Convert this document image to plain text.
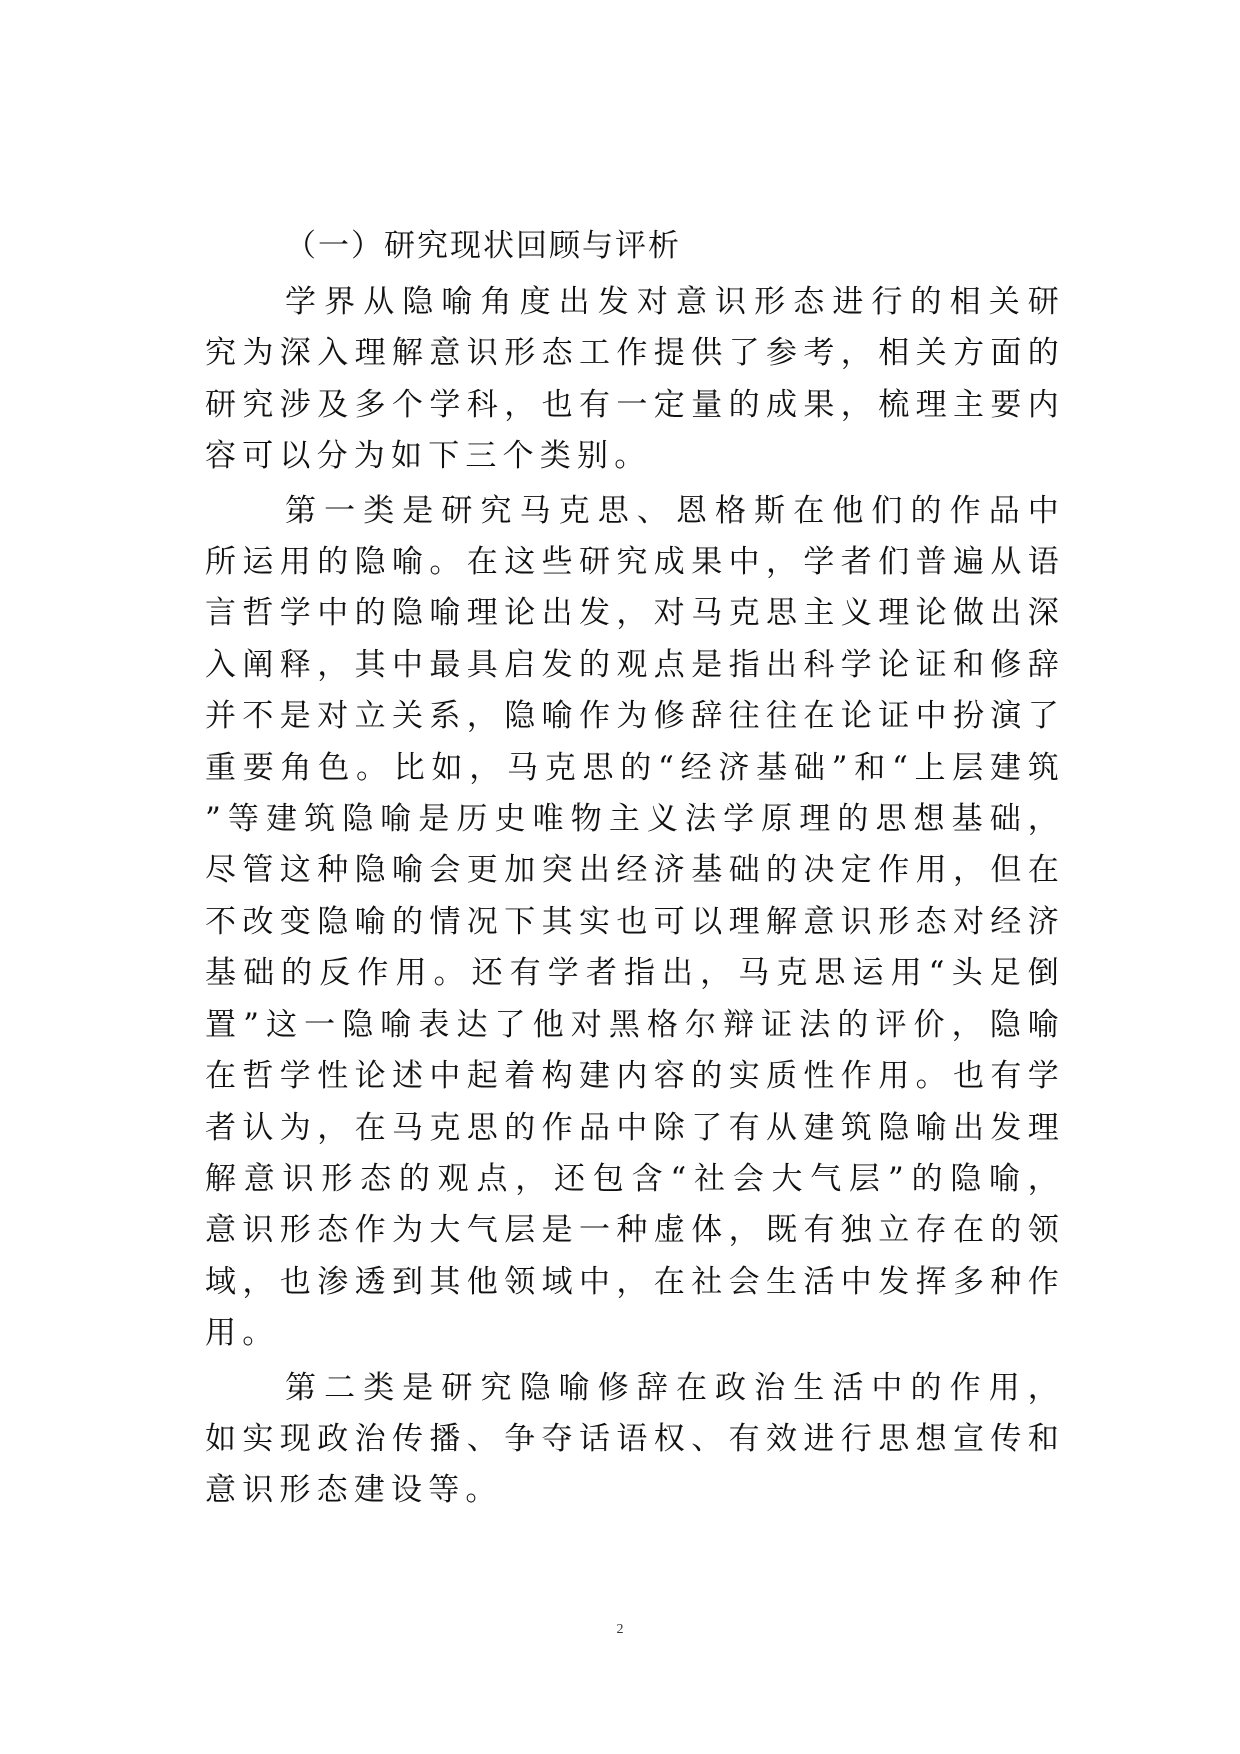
（一）研究现状回顾与评析

学界从隐喻角度出发对意识形态进行的相关研究为深入理解意识形态工作提供了参考，相关方面的研究涉及多个学科，也有一定量的成果，梳理主要内容可以分为如下三个类别。

第一类是研究马克思、恩格斯在他们的作品中所运用的隐喻。在这些研究成果中，学者们普遍从语言哲学中的隐喻理论出发，对马克思主义理论做出深入阐释，其中最具启发的观点是指出科学论证和修辞并不是对立关系，隐喻作为修辞往往在论证中扮演了重要角色。比如，马克思的“经济基础”和“上层建筑”等建筑隐喻是历史唯物主义法学原理的思想基础，尽管这种隐喻会更加突出经济基础的决定作用，但在不改变隐喻的情况下其实也可以理解意识形态对经济基础的反作用。还有学者指出，马克思运用“头足倒置”这一隐喻表达了他对黑格尔辩证法的评价，隐喻在哲学性论述中起着构建内容的实质性作用。也有学者认为，在马克思的作品中除了有从建筑隐喻出发理解意识形态的观点，还包含“社会大气层”的隐喻，意识形态作为大气层是一种虚体，既有独立存在的领域，也渗透到其他领域中，在社会生活中发挥多种作用。

第二类是研究隐喻修辞在政治生活中的作用，如实现政治传播、争夺话语权、有效进行思想宣传和意识形态建设等。

2
